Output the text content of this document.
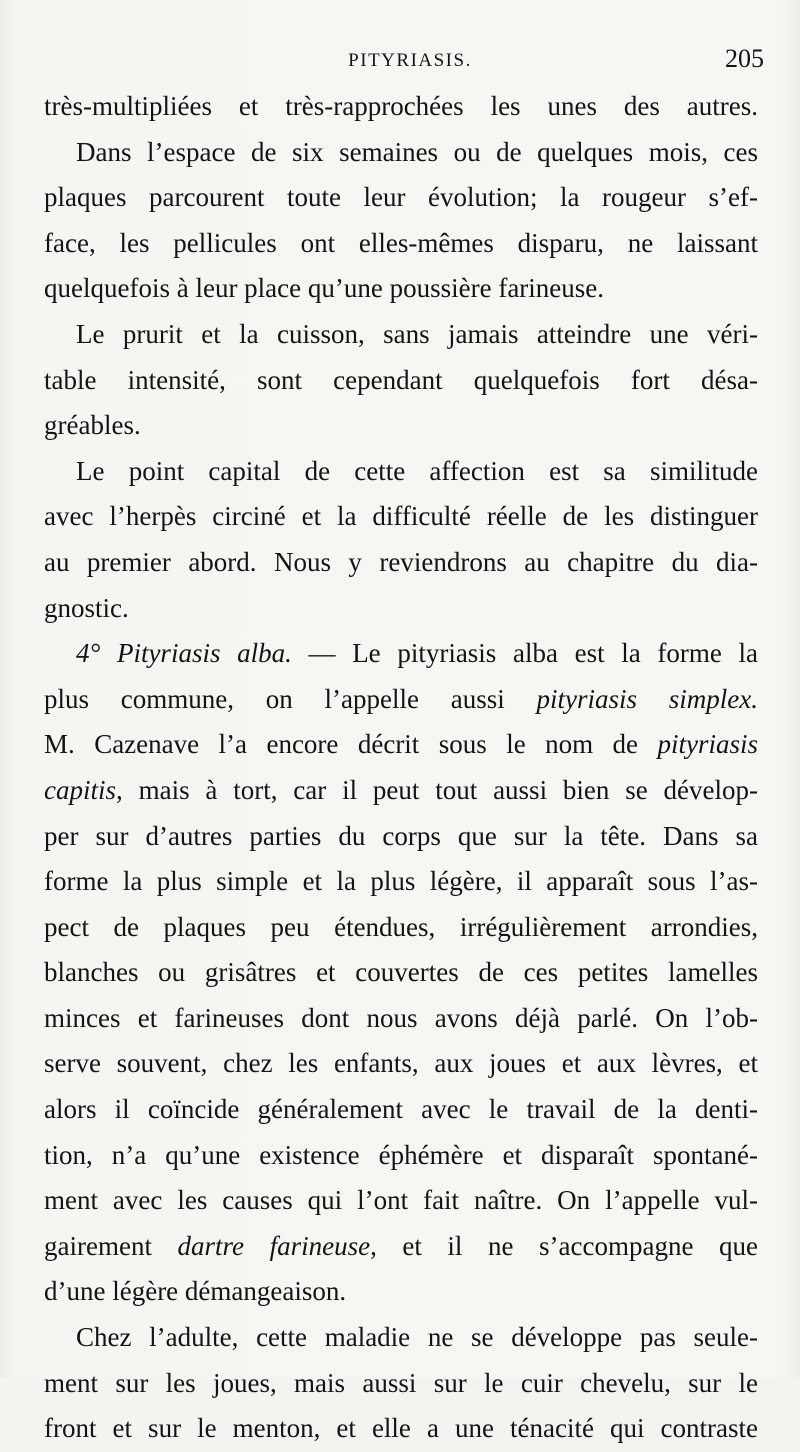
PITYRIASIS.	205
très-multipliées et très-rapprochées les unes des autres.
Dans l’espace de six semaines ou de quelques mois, ces
plaques parcourent toute leur évolution; la rougeur s’ef-
face, les pellicules ont elles-mêmes disparu, ne laissant
quelquefois à leur place qu’une poussière farineuse.
Le prurit et la cuisson, sans jamais atteindre une véri-
table intensité, sont cependant quelquefois fort désa-
gréables.
Le point capital de cette affection est sa similitude
avec l’herpès circiné et la difficulté réelle de les distinguer
au premier abord. Nous y reviendrons au chapitre du dia-
gnostic.
4° Pityriasis alba. — Le pityriasis alba est la forme la
plus commune, on l’appelle aussi pityriasis simplex.
M. Cazenave l’a encore décrit sous le nom de pityriasis
capitis, mais à tort, car il peut tout aussi bien se dévelop-
per sur d’autres parties du corps que sur la tête. Dans sa
forme la plus simple et la plus légère, il apparaît sous l’as-
pect de plaques peu étendues, irrégulièrement arrondies,
blanches ou grisâtres et couvertes de ces petites lamelles
minces et farineuses dont nous avons déjà parlé. On l’ob-
serve souvent, chez les enfants, aux joues et aux lèvres, et
alors il coïncide généralement avec le travail de la denti-
tion, n’a qu’une existence éphémère et disparaît spontané-
ment avec les causes qui l’ont fait naître. On l’appelle vul-
gairement dartre farineuse, et il ne s’accompagne que
d’une légère démangeaison.
Chez l’adulte, cette maladie ne se développe pas seule-
ment sur les joues, mais aussi sur le cuir chevelu, sur le
front et sur le menton, et elle a une ténacité qui contraste
